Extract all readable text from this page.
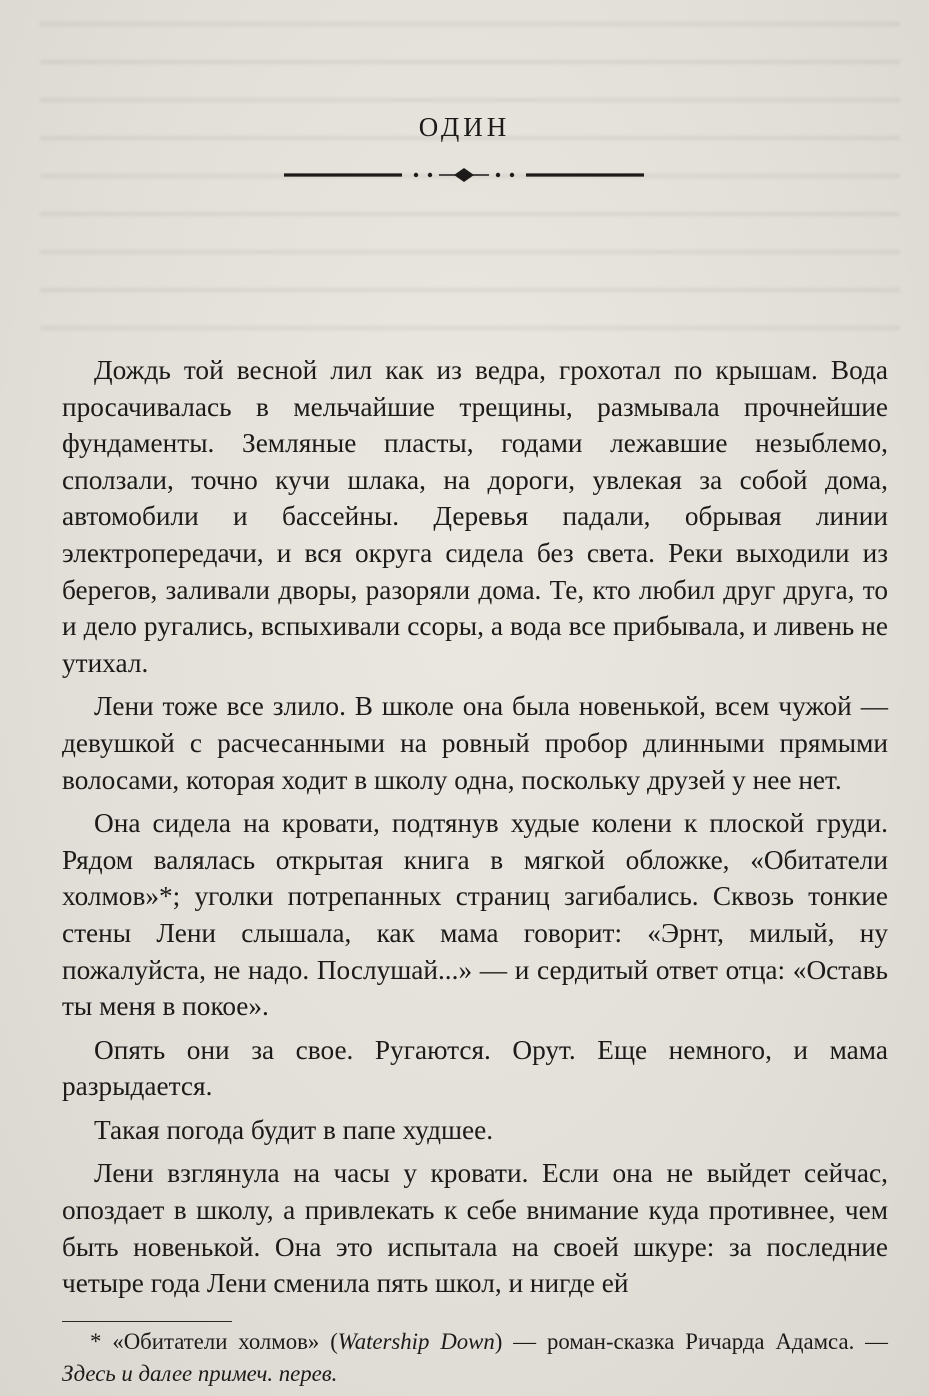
ОДИН

Дождь той весной лил как из ведра, грохотал по крышам. Вода просачивалась в мельчайшие трещины, размывала прочнейшие фундаменты. Земляные пласты, годами лежавшие незыблемо, сползали, точно кучи шлака, на дороги, увлекая за собой дома, автомобили и бассейны. Деревья падали, обрывая линии электропередачи, и вся округа сидела без света. Реки выходили из берегов, заливали дворы, разоряли дома. Те, кто любил друг друга, то и дело ругались, вспыхивали ссоры, а вода все прибывала, и ливень не утихал.

Лени тоже все злило. В школе она была новенькой, всем чужой — девушкой с расчесанными на ровный пробор длинными прямыми волосами, которая ходит в школу одна, поскольку друзей у нее нет.

Она сидела на кровати, подтянув худые колени к плоской груди. Рядом валялась открытая книга в мягкой обложке, «Обитатели холмов»*; уголки потрепанных страниц загибались. Сквозь тонкие стены Лени слышала, как мама говорит: «Эрнт, милый, ну пожалуйста, не надо. Послушай...» — и сердитый ответ отца: «Оставь ты меня в покое».

Опять они за свое. Ругаются. Орут. Еще немного, и мама разрыдается.

Такая погода будит в папе худшее.

Лени взглянула на часы у кровати. Если она не выйдет сейчас, опоздает в школу, а привлекать к себе внимание куда противнее, чем быть новенькой. Она это испытала на своей шкуре: за последние четыре года Лени сменила пять школ, и нигде ей

* «Обитатели холмов» (Watership Down) — роман-сказка Ричарда Адамса. — Здесь и далее примеч. перев.
